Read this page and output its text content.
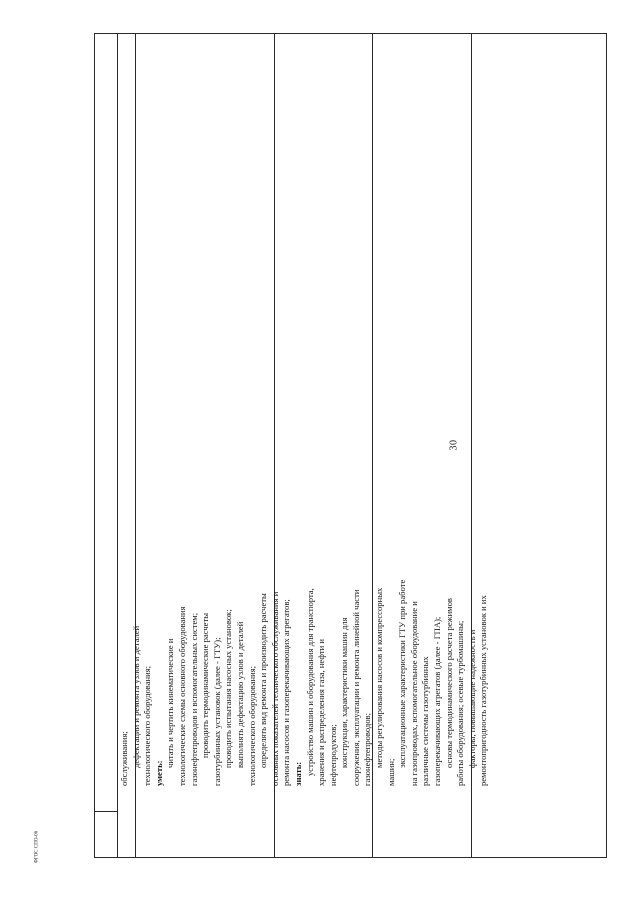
30
ФГОС СПО-06
обслуживания; дефектации и ремонта узлов и деталей технологического оборудования; уметь:
читать и чертить кинематические и технологические схемы основного оборудования газонефтепроводов и вспомогательных систем; проводить термодинамические расчеты газотурбинных установок (далее - ГТУ); проводить испытания насосных установок; выполнять дефектацию узлов и деталей технологического оборудования; определять вид ремонта и производить расчеты основных показателей технического обслуживания и ремонта насосов и газоперекачивающих агрегатов; знать: устройство машин и оборудования для транспорта, хранения и распределения газа, нефти и нефтепродуктов; конструкции, характеристики машин для сооружения, эксплуатации и ремонта линейной части газонефтепроводов; методы регулирования насосов и компрессорных
машин;
эксплуатационные характеристики ГТУ при работе на газопроводах, вспомогательное оборудование и различные системы газотурбинных газоперекачивающих агрегатов (далее - ГПА); основы термодинамического расчета режимов работы оборудования; осевые турбомашины; факторы, повышающие надежность и ремонтопригодность газотурбинных установок и их
